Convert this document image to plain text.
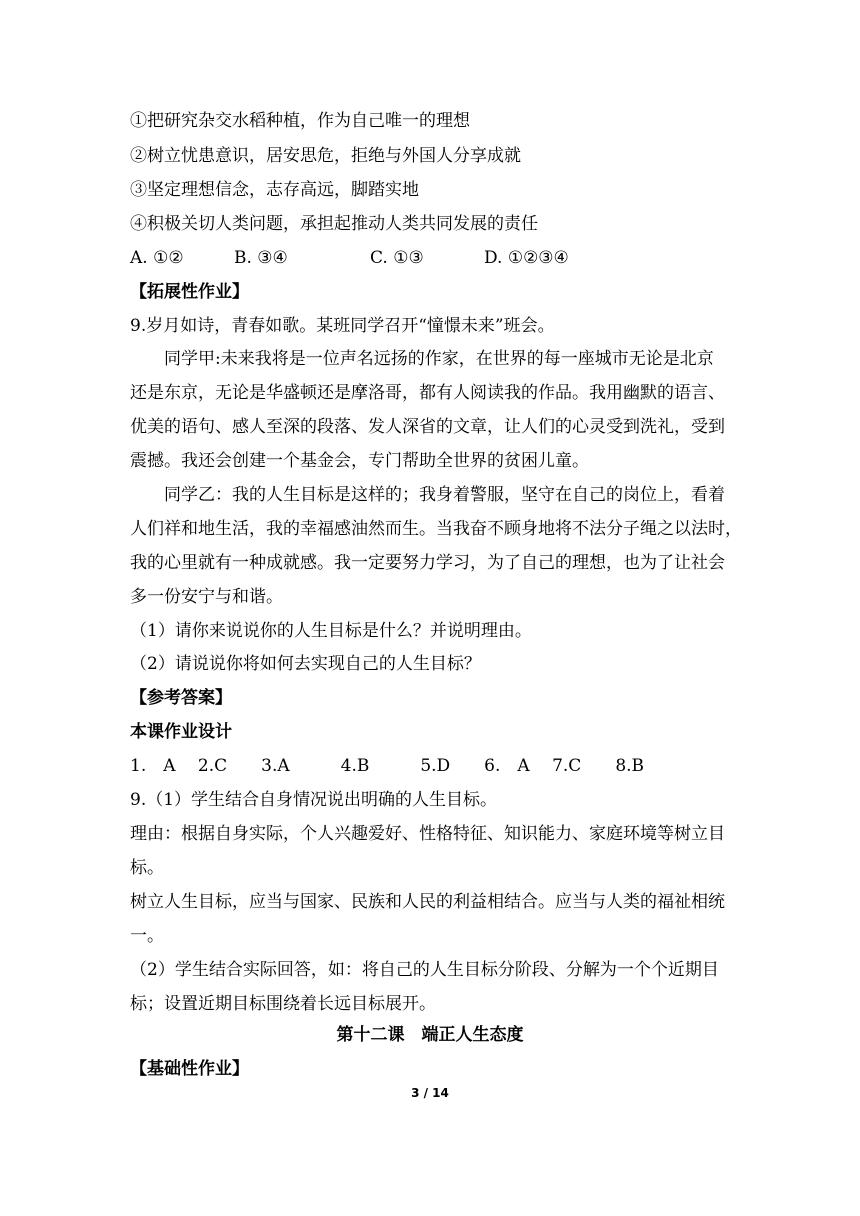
①把研究杂交水稻种植，作为自己唯一的理想
②树立忧患意识，居安思危，拒绝与外国人分享成就
③坚定理想信念，志存高远，脚踏实地
④积极关切人类问题，承担起推动人类共同发展的责任
A. ①②	B. ③④	C. ①③	D. ①②③④
【拓展性作业】
9.岁月如诗，青春如歌。某班同学召开“憧憬未来”班会。
同学甲:未来我将是一位声名远扬的作家，在世界的每一座城市无论是北京
还是东京，无论是华盛顿还是摩洛哥，都有人阅读我的作品。我用幽默的语言、
优美的语句、感人至深的段落、发人深省的文章，让人们的心灵受到洗礼，受到
震撼。我还会创建一个基金会，专门帮助全世界的贫困儿童。
同学乙：我的人生目标是这样的；我身着警服，坚守在自己的岗位上，看着
人们祥和地生活，我的幸福感油然而生。当我奋不顾身地将不法分子绳之以法时，
我的心里就有一种成就感。我一定要努力学习，为了自己的理想，也为了让社会
多一份安宁与和谐。
（1）请你来说说你的人生目标是什么？并说明理由。
（2）请说说你将如何去实现自己的人生目标？
【参考答案】
本课作业设计
1.　A　 2.C　　3.A　　　4.B　　　5.D　　6.　A　 7.C　　8.B
9.（1）学生结合自身情况说出明确的人生目标。
理由：根据自身实际，个人兴趣爱好、性格特征、知识能力、家庭环境等树立目
标。
树立人生目标，应当与国家、民族和人民的利益相结合。应当与人类的福祉相统
一。
（2）学生结合实际回答，如：将自己的人生目标分阶段、分解为一个个近期目
标；设置近期目标围绕着长远目标展开。
第十二课　端正人生态度
【基础性作业】
3 / 14
